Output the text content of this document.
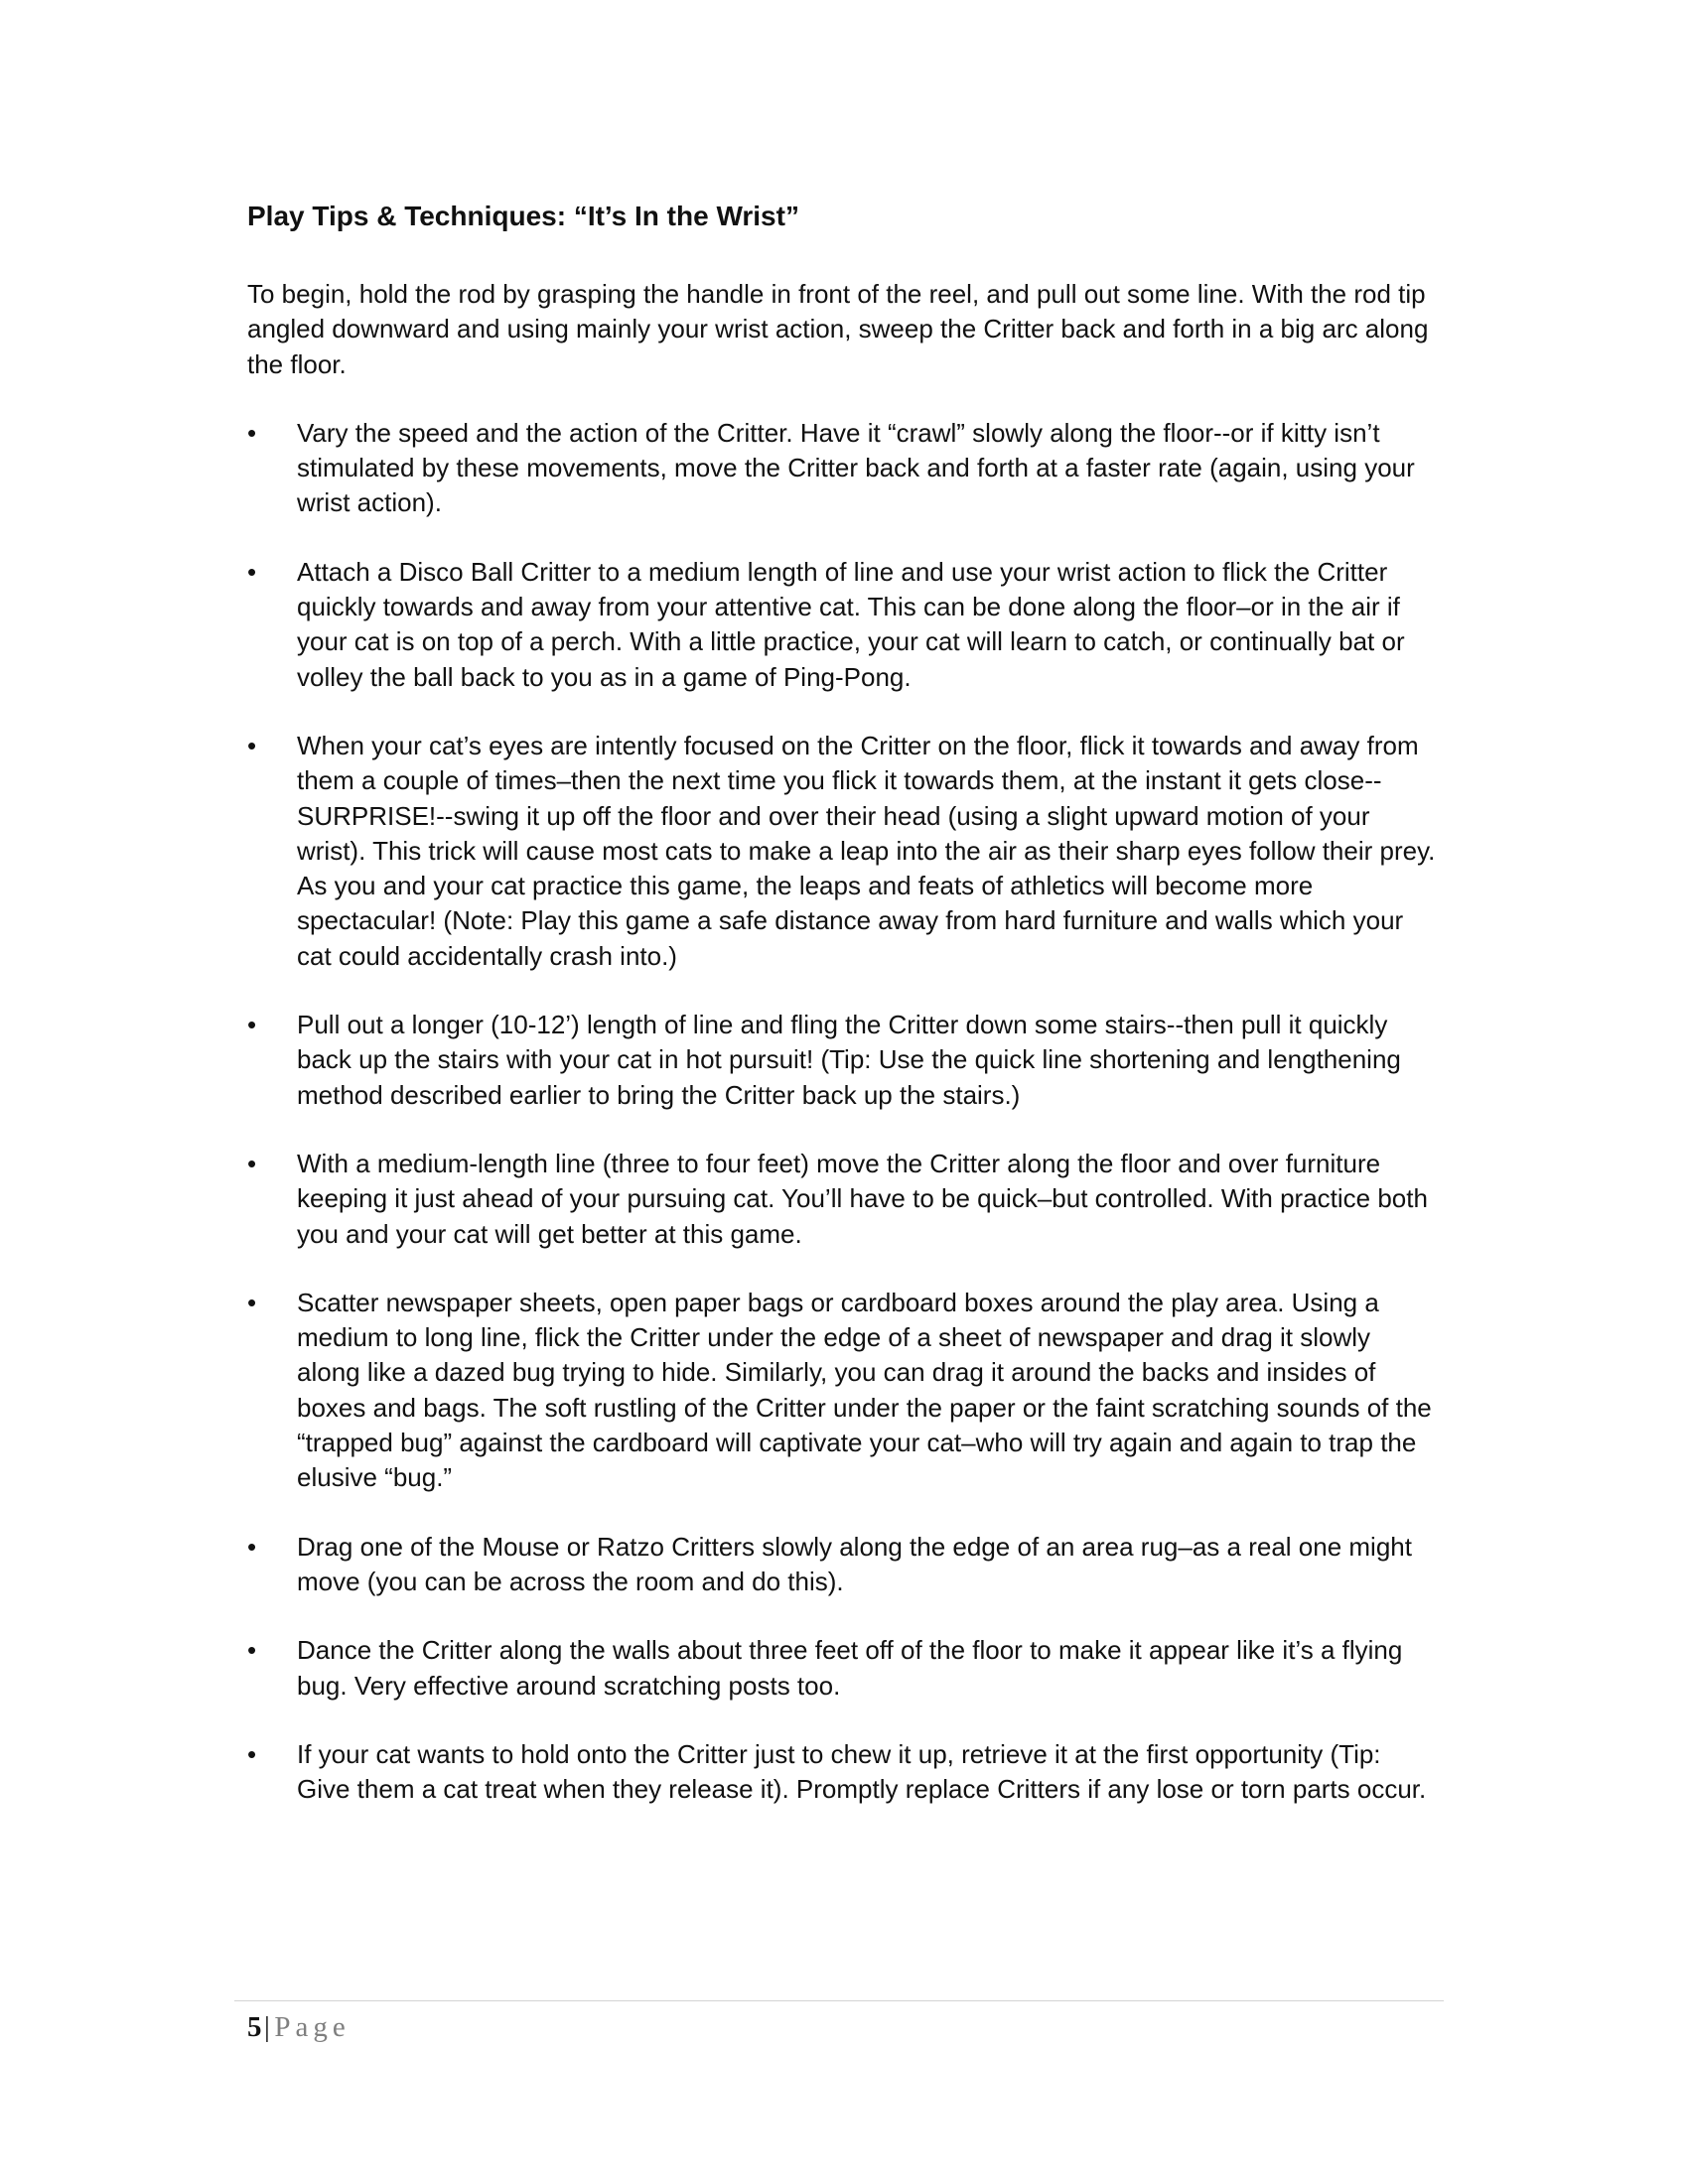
Play Tips & Techniques: “It’s In the Wrist”

To begin, hold the rod by grasping the handle in front of the reel, and pull out some line. With the rod tip angled downward and using mainly your wrist action, sweep the Critter back and forth in a big arc along the floor.

•	Vary the speed and the action of the Critter. Have it “crawl” slowly along the floor--or if kitty isn’t stimulated by these movements, move the Critter back and forth at a faster rate (again, using your wrist action).
•	Attach a Disco Ball Critter to a medium length of line and use your wrist action to flick the Critter quickly towards and away from your attentive cat. This can be done along the floor–or in the air if your cat is on top of a perch. With a little practice, your cat will learn to catch, or continually bat or volley the ball back to you as in a game of Ping-Pong.
•	When your cat’s eyes are intently focused on the Critter on the floor, flick it towards and away from them a couple of times–then the next time you flick it towards them, at the instant it gets close--SURPRISE!--swing it up off the floor and over their head (using a slight upward motion of your wrist). This trick will cause most cats to make a leap into the air as their sharp eyes follow their prey. As you and your cat practice this game, the leaps and feats of athletics will become more spectacular! (Note: Play this game a safe distance away from hard furniture and walls which your cat could accidentally crash into.)
•	Pull out a longer (10-12’) length of line and fling the Critter down some stairs--then pull it quickly back up the stairs with your cat in hot pursuit! (Tip: Use the quick line shortening and lengthening method described earlier to bring the Critter back up the stairs.)
•	With a medium-length line (three to four feet) move the Critter along the floor and over furniture keeping it just ahead of your pursuing cat. You’ll have to be quick–but controlled. With practice both you and your cat will get better at this game.
•	Scatter newspaper sheets, open paper bags or cardboard boxes around the play area. Using a medium to long line, flick the Critter under the edge of a sheet of newspaper and drag it slowly along like a dazed bug trying to hide. Similarly, you can drag it around the backs and insides of boxes and bags. The soft rustling of the Critter under the paper or the faint scratching sounds of the “trapped bug” against the cardboard will captivate your cat–who will try again and again to trap the elusive “bug.”
•	Drag one of the Mouse or Ratzo Critters slowly along the edge of an area rug–as a real one might move (you can be across the room and do this).
•	Dance the Critter along the walls about three feet off of the floor to make it appear like it’s a flying bug. Very effective around scratching posts too.
•	If your cat wants to hold onto the Critter just to chew it up, retrieve it at the first opportunity (Tip: Give them a cat treat when they release it). Promptly replace Critters if any lose or torn parts occur.
5| Page
